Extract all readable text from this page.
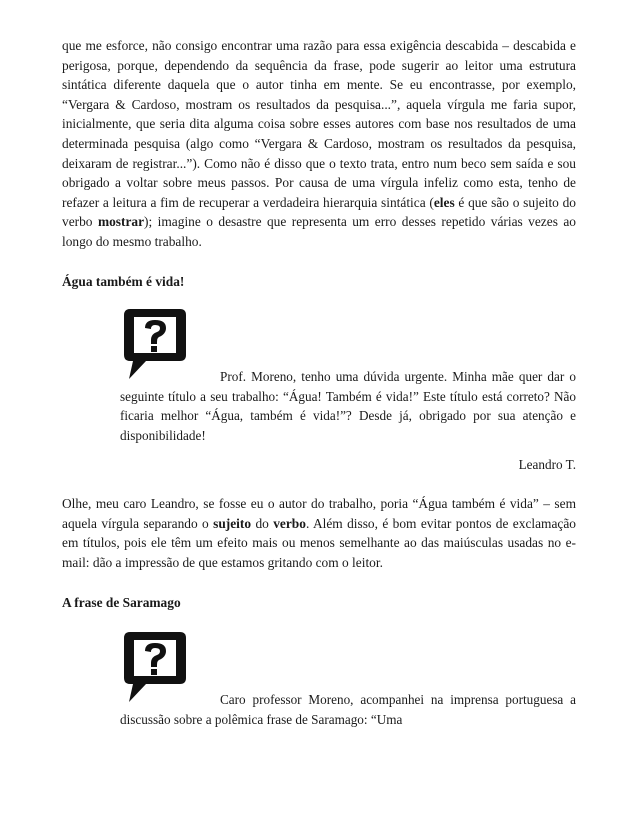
que me esforce, não consigo encontrar uma razão para essa exigência descabida – descabida e perigosa, porque, dependendo da sequência da frase, pode sugerir ao leitor uma estrutura sintática diferente daquela que o autor tinha em mente. Se eu encontrasse, por exemplo, “Vergara & Cardoso, mostram os resultados da pesquisa...”, aquela vírgula me faria supor, inicialmente, que seria dita alguma coisa sobre esses autores com base nos resultados de uma determinada pesquisa (algo como “Vergara & Cardoso, mostram os resultados da pesquisa, deixaram de registrar...”). Como não é disso que o texto trata, entro num beco sem saída e sou obrigado a voltar sobre meus passos. Por causa de uma vírgula infeliz como esta, tenho de refazer a leitura a fim de recuperar a verdadeira hierarquia sintática (eles é que são o sujeito do verbo mostrar); imagine o desastre que representa um erro desses repetido várias vezes ao longo do mesmo trabalho.

Água também é vida!

Prof. Moreno, tenho uma dúvida urgente. Minha mãe quer dar o seguinte título a seu trabalho: “Água! Também é vida!” Este título está correto? Não ficaria melhor “Água, também é vida!”? Desde já, obrigado por sua atenção e disponibilidade!

Leandro T.

Olhe, meu caro Leandro, se fosse eu o autor do trabalho, poria “Água também é vida” – sem aquela vírgula separando o sujeito do verbo. Além disso, é bom evitar pontos de exclamação em títulos, pois ele têm um efeito mais ou menos semelhante ao das maiúsculas usadas no e-mail: dão a impressão de que estamos gritando com o leitor.

A frase de Saramago

Caro professor Moreno, acompanhei na imprensa portuguesa a discussão sobre a polêmica frase de Saramago: “Uma
